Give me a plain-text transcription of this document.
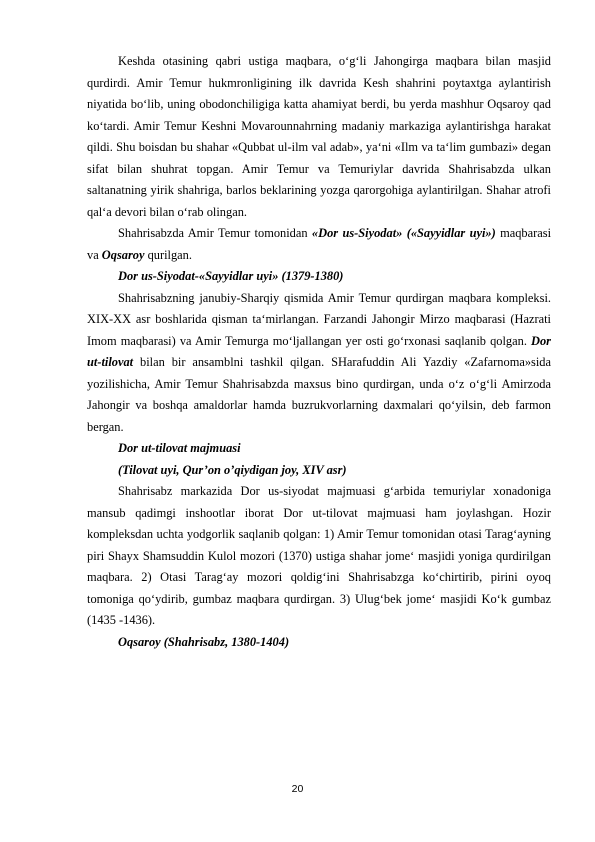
Keshda otasining qabri ustiga maqbara, o‘g‘li Jahongirga maqbara bilan masjid qurdirdi. Amir Temur hukmronligining ilk davrida Kesh shahrini poytaxtga aylantirish niyatida bo‘lib, uning obodonchiligiga katta ahamiyat berdi, bu yerda mashhur Oqsaroy qad ko‘tardi. Amir Temur Keshni Movarounnahrning madaniy markaziga aylantirishga harakat qildi. Shu boisdan bu shahar «Qubbat ul-ilm val adab», ya‘ni «Ilm va ta‘lim gumbazi» degan sifat bilan shuhrat topgan. Amir Temur va Temuriylar davrida Shahrisabzda ulkan saltanatning yirik shahriga, barlos beklarining yozga qarorgohiga aylantirilgan. Shahar atrofi qal‘a devori bilan o‘rab olingan.

Shahrisabzda Amir Temur tomonidan «Dor us-Siyodat» («Sayyidlar uyi») maqbarasi va Oqsaroy qurilgan.

Dor us-Siyodat-«Sayyidlar uyi» (1379-1380)

Shahrisabzning janubiy-Sharqiy qismida Amir Temur qurdirgan maqbara kompleksi. XIX-XX asr boshlarida qisman ta‘mirlangan. Farzandi Jahongir Mirzo maqbarasi (Hazrati Imom maqbarasi) va Amir Temurga mo‘ljallangan yer osti go‘rxonasi saqlanib qolgan. Dor ut-tilovat bilan bir ansamblni tashkil qilgan. SHarafuddin Ali Yazdiy «Zafarnoma»sida yozilishicha, Amir Temur Shahrisabzda maxsus bino qurdirgan, unda o‘z o‘g‘li Amirzoda Jahongir va boshqa amaldorlar hamda buzrukvorlarning daxmalari qo‘yilsin, deb farmon bergan.

Dor ut-tilovat majmuasi

(Tilovat uyi, Qur’on o’qiydigan joy, XIV asr)

Shahrisabz markazida Dor us-siyodat majmuasi g‘arbida temuriylar xonadoniga mansub qadimgi inshootlar iborat Dor ut-tilovat majmuasi ham joylashgan. Hozir kompleksdan uchta yodgorlik saqlanib qolgan: 1) Amir Temur tomonidan otasi Tarag‘ayning piri Shayx Shamsuddin Kulol mozori (1370) ustiga shahar jome‘ masjidi yoniga qurdirilgan maqbara. 2) Otasi Tarag‘ay mozori qoldig‘ini Shahrisabzga ko‘chirtirib, pirini oyoq tomoniga qo‘ydirib, gumbaz maqbara qurdirgan. 3) Ulug‘bek jome‘ masjidi Ko‘k gumbaz (1435 -1436).

Oqsaroy (Shahrisabz, 1380-1404)

20
